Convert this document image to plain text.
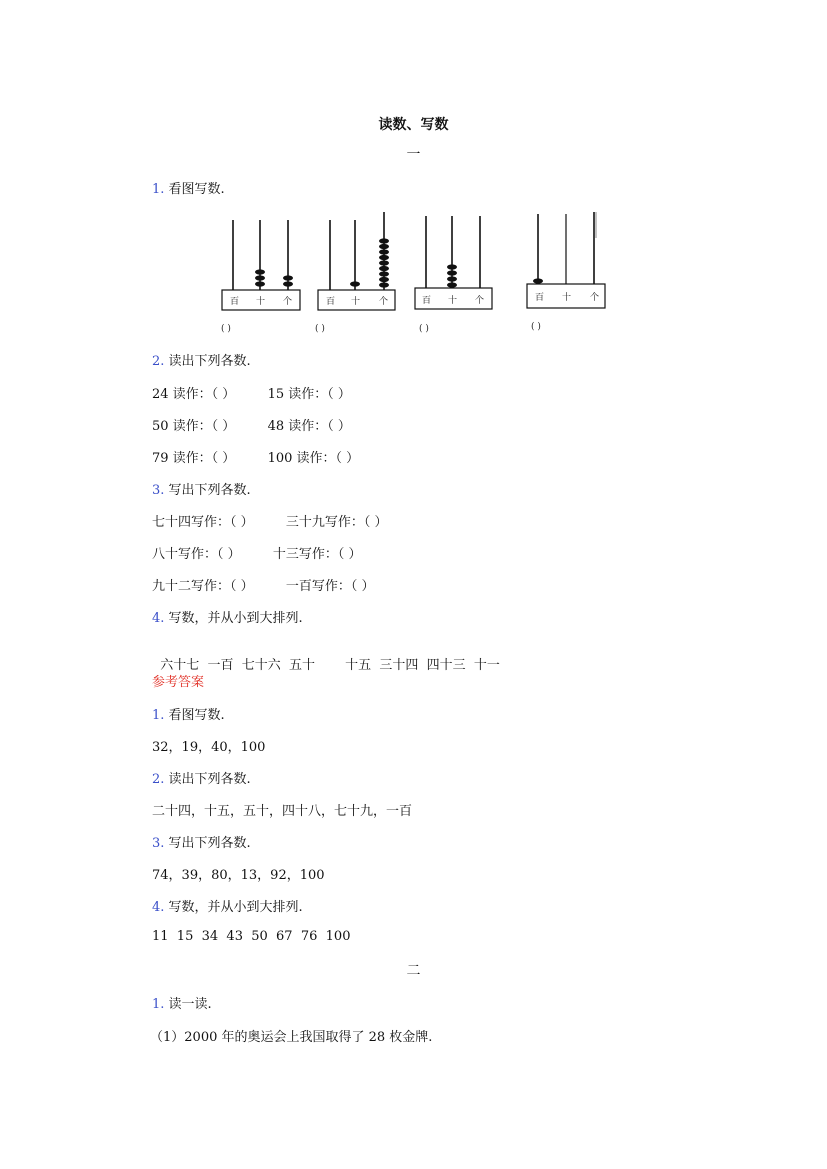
读数、写数
一
1. 看图写数.
百 十 个
( )
百 十 个
( )
百 十 个
( )
百 十 个
( )
2. 读出下列各数.
24 读作：（ ） 15 读作：（ ）
50 读作：（ ） 48 读作：（ ）
79 读作：（ ） 100 读作：（ ）
3. 写出下列各数.
七十四写作：（ ） 三十九写作：（ ）
八十写作：（ ） 十三写作：（ ）
九十二写作：（ ） 一百写作：（ ）
4. 写数，并从小到大排列.

六十七  一百  七十六  五十 十五  三十四  四十三  十一

参考答案
1. 看图写数.
32，19，40，100
2. 读出下列各数.
二十四，十五，五十，四十八，七十九，一百
3. 写出下列各数.
74，39，80，13，92，100
4. 写数，并从小到大排列.
11  15  34  43  50  67  76  100
二
1. 读一读.
（1）2000 年的奥运会上我国取得了 28 枚金牌.
